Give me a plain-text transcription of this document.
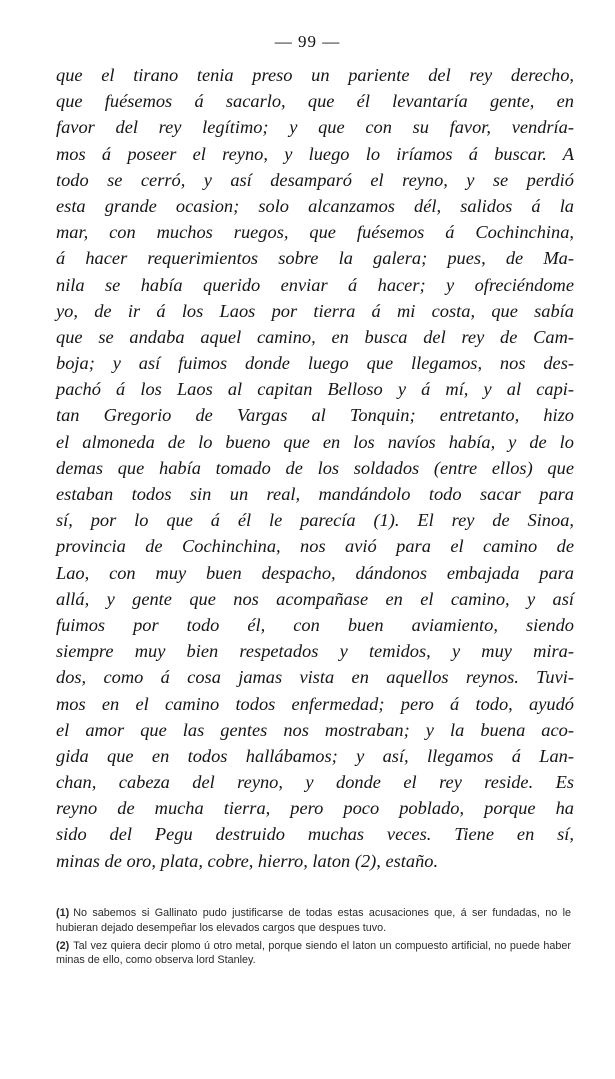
— 99 —
que el tirano tenia preso un pariente del rey derecho,
que fuésemos á sacarlo, que él levantaría gente, en
favor del rey legítimo; y que con su favor, vendría-
mos á poseer el reyno, y luego lo iríamos á buscar. A
todo se cerró, y así desamparó el reyno, y se perdió
esta grande ocasion; solo alcanzamos dél, salidos á la
mar, con muchos ruegos, que fuésemos á Cochinchina,
á hacer requerimientos sobre la galera; pues, de Ma-
nila se había querido enviar á hacer; y ofreciéndome
yo, de ir á los Laos por tierra á mi costa, que sabía
que se andaba aquel camino, en busca del rey de Cam-
boja; y así fuimos donde luego que llegamos, nos des-
pachó á los Laos al capitan Belloso y á mí, y al capi-
tan Gregorio de Vargas al Tonquin; entretanto, hizo
el almoneda de lo bueno que en los navíos había, y de lo
demas que había tomado de los soldados (entre ellos) que
estaban todos sin un real, mandándolo todo sacar para
sí, por lo que á él le parecía (1). El rey de Sinoa,
provincia de Cochinchina, nos avió para el camino de
Lao, con muy buen despacho, dándonos embajada para
allá, y gente que nos acompañase en el camino, y así
fuimos por todo él, con buen aviamiento, siendo
siempre muy bien respetados y temidos, y muy mira-
dos, como á cosa jamas vista en aquellos reynos. Tuvi-
mos en el camino todos enfermedad; pero á todo, ayudó
el amor que las gentes nos mostraban; y la buena aco-
gida que en todos hallábamos; y así, llegamos á Lan-
chan, cabeza del reyno, y donde el rey reside. Es
reyno de mucha tierra, pero poco poblado, porque ha
sido del Pegu destruido muchas veces. Tiene en sí,
minas de oro, plata, cobre, hierro, laton (2), estaño.

(1) No sabemos si Gallinato pudo justificarse de todas estas acusaciones que, á ser fundadas, no le hubieran dejado desempeñar los elevados cargos que despues tuvo.

(2) Tal vez quiera decir plomo ú otro metal, porque siendo el laton un compuesto artificial, no puede haber minas de ello, como observa lord Stanley.
